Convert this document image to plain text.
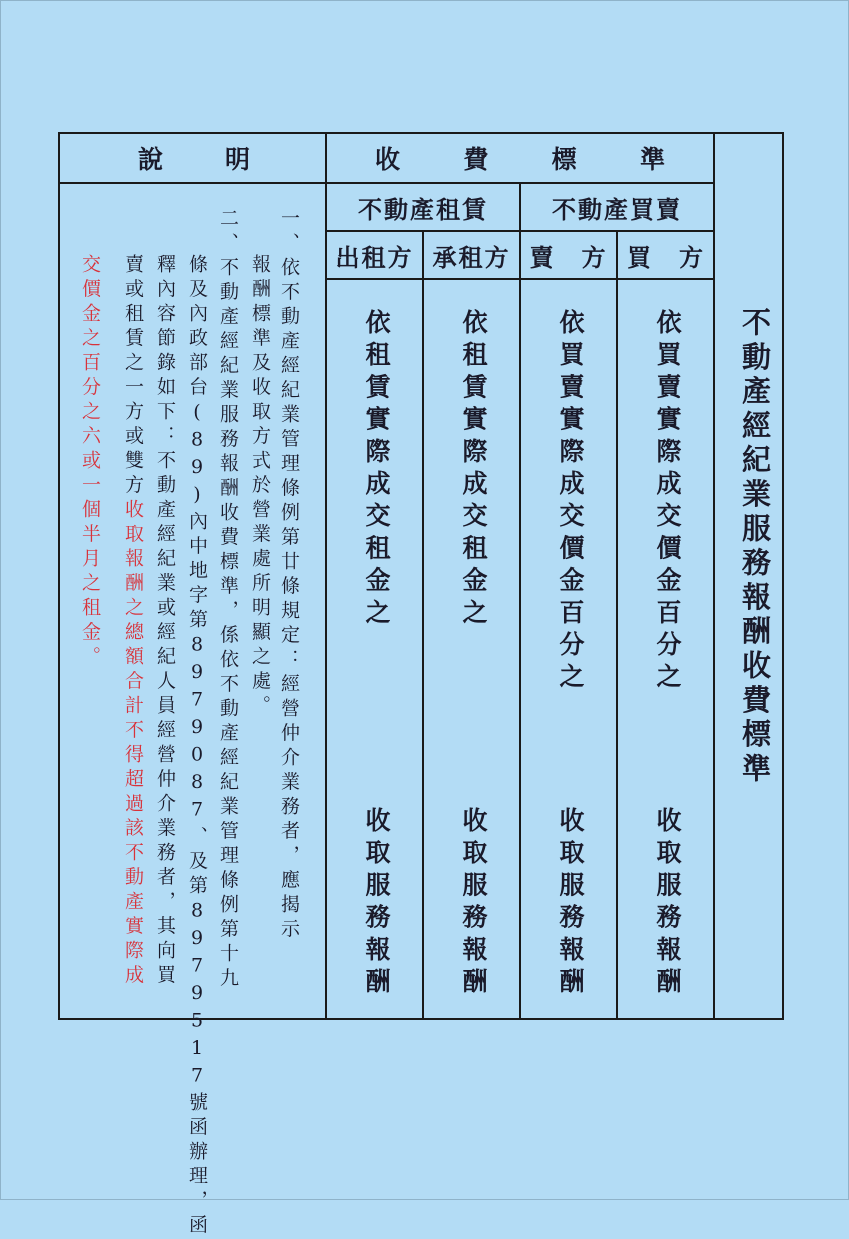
說 明	收	費	標	準
不動產租賃	不動產買賣
出租方 承租方 賣　方 買　方
依租賃實際成交租金之	依租賃實際成交租金之	依買賣實際成交價金百分之	依買賣實際成交價金百分之
收取服務報酬	收取服務報酬	收取服務報酬	收取服務報酬
不動產經紀業服務報酬收費標準
一、依不動產經紀業管理條例第廿條規定：經營仲介業務者，應揭示
報酬標準及收取方式於營業處所明顯之處。
二、不動產經紀業服務報酬收費標準，係依不動產經紀業管理條例第十九
條及內政部台(89)內中地字第8979087、及第8979517號函辦理，函
釋內容節錄如下：不動產經紀業或經紀人員經營仲介業務者，其向買
賣或租賃之一方或雙方收取報酬之總額合計不得超過該不動產實際成
交價金之百分之六或一個半月之租金。
